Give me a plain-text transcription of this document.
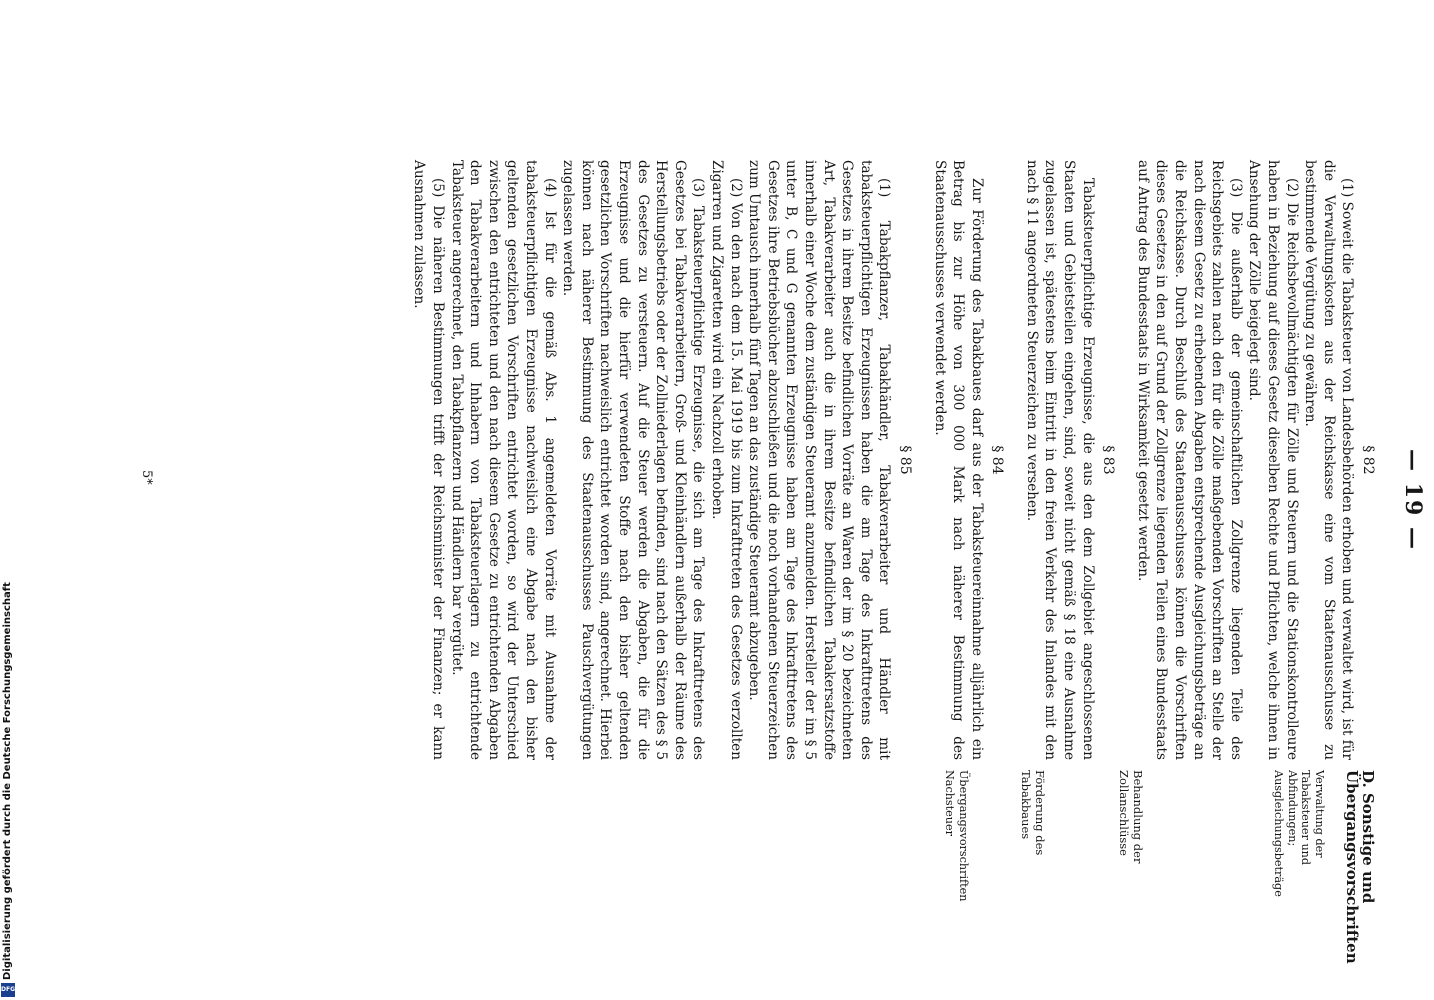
— 19 —
D. Sonstige und Übergangsvorschriften
Verwaltung der Tabaksteuer und Abfindungen; Ausgleichungsbeträge
Behandlung der Zollanschlüsse
Förderung des Tabakbaues
Übergangsvorschriften Nachsteuer

§ 82

(1) Soweit die Tabaksteuer von Landesbehörden erhoben und verwaltet wird, ist für die Verwaltungskosten aus der Reichskasse eine vom Staatenausschusse zu bestimmende Vergütung zu gewähren.

(2) Die Reichsbevollmächtigten für Zölle und Steuern und die Stationskontrolleure haben in Beziehung auf dieses Gesetz dieselben Rechte und Pflichten, welche ihnen in Ansehung der Zölle beigelegt sind.

(3) Die außerhalb der gemeinschaftlichen Zollgrenze liegenden Teile des Reichsgebiets zahlen nach den für die Zölle maßgebenden Vorschriften an Stelle der nach diesem Gesetz zu erhebenden Abgaben entsprechende Ausgleichungsbeträge an die Reichskasse. Durch Beschluß des Staatenausschusses können die Vorschriften dieses Gesetzes in den auf Grund der Zollgrenze liegenden Teilen eines Bundesstaats auf Antrag des Bundesstaats in Wirksamkeit gesetzt werden.

§ 83

Tabaksteuerpflichtige Erzeugnisse, die aus den dem Zollgebiet angeschlossenen Staaten und Gebietsteilen eingehen, sind, soweit nicht gemäß § 18 eine Ausnahme zugelassen ist, spätestens beim Eintritt in den freien Verkehr des Inlandes mit den nach § 11 angeordneten Steuerzeichen zu versehen.

§ 84

Zur Förderung des Tabakbaues darf aus der Tabaksteuereinnahme alljährlich ein Betrag bis zur Höhe von 300 000 Mark nach näherer Bestimmung des Staatenausschusses verwendet werden.

§ 85

(1) Tabakpflanzer, Tabakhändler, Tabakverarbeiter und Händler mit tabaksteuerpflichtigen Erzeugnissen haben die am Tage des Inkrafttretens des Gesetzes in ihrem Besitze befindlichen Vorräte an Waren der im § 20 bezeichneten Art, Tabakverarbeiter auch die in ihrem Besitze befindlichen Tabakersatzstoffe innerhalb einer Woche dem zuständigen Steueramt anzumelden. Hersteller der im § 5 unter B, C und G genannten Erzeugnisse haben am Tage des Inkrafttretens des Gesetzes ihre Betriebsbücher abzuschließen und die noch vorhandenen Steuerzeichen zum Umtausch innerhalb fünf Tagen an das zuständige Steueramt abzugeben.

(2) Von den nach dem 15. Mai 1919 bis zum Inkrafttreten des Gesetzes verzollten Zigarren und Zigaretten wird ein Nachzoll erhoben.

(3) Tabaksteuerpflichtige Erzeugnisse, die sich am Tage des Inkrafttretens des Gesetzes bei Tabakverarbeitern, Groß- und Kleinhändlern außerhalb der Räume des Herstellungsbetriebs oder der Zollniederlagen befinden, sind nach den Sätzen des § 5 des Gesetzes zu versteuern. Auf die Steuer werden die Abgaben, die für die Erzeugnisse und die hierfür verwendeten Stoffe nach den bisher geltenden gesetzlichen Vorschriften nachweislich entrichtet worden sind, angerechnet. Hierbei können nach näherer Bestimmung des Staatenausschusses Pauschvergütungen zugelassen werden.

(4) Ist für die gemäß Abs. 1 angemeldeten Vorräte mit Ausnahme der tabaksteuerpflichtigen Erzeugnisse nachweislich eine Abgabe nach den bisher geltenden gesetzlichen Vorschriften entrichtet worden, so wird der Unterschied zwischen den entrichteten und den nach diesem Gesetze zu entrichtenden Abgaben den Tabakverarbeitern und Inhabern von Tabaksteuerlagern zu entrichtende Tabaksteuer angerechnet, den Tabakpflanzern und Händlern bar vergütet.

(5) Die näheren Bestimmungen trifft der Reichsminister der Finanzen; er kann Ausnahmen zulassen.

5*
Digitalisierung gefördert durch die Deutsche Forschungsgemeinschaft
DFG
